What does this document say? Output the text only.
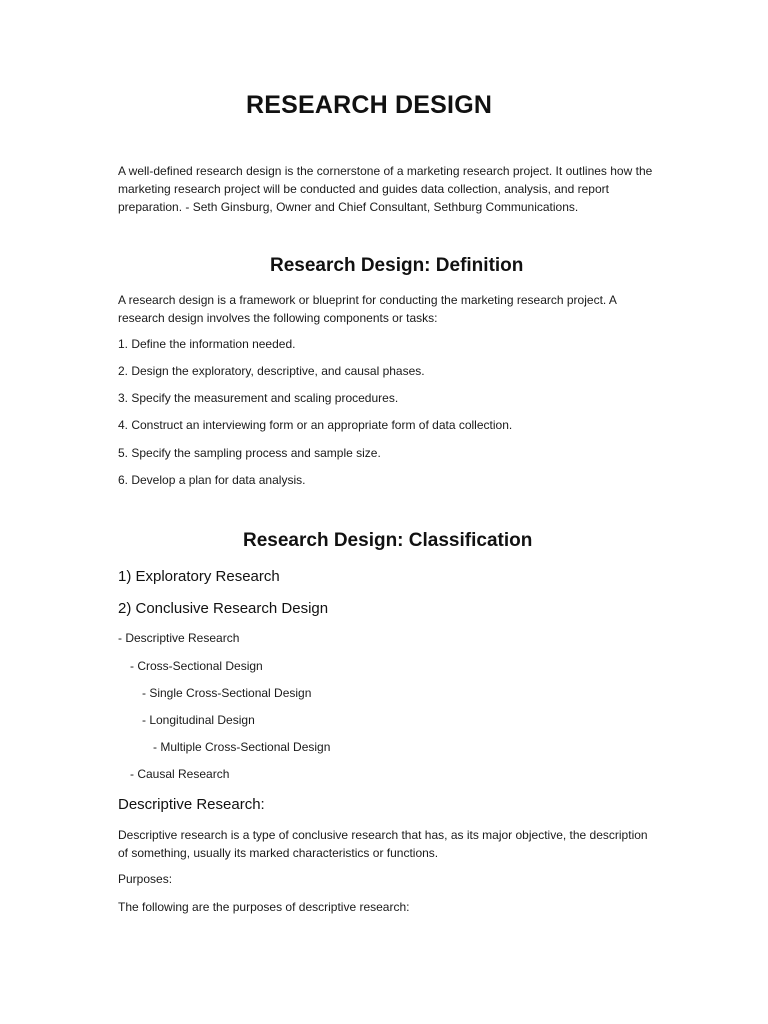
RESEARCH DESIGN

A well-defined research design is the cornerstone of a marketing research project. It outlines how the marketing research project will be conducted and guides data collection, analysis, and report preparation. - Seth Ginsburg, Owner and Chief Consultant, Sethburg Communications.

Research Design: Definition

A research design is a framework or blueprint for conducting the marketing research project. A research design involves the following components or tasks:

1. Define the information needed.
2. Design the exploratory, descriptive, and causal phases.
3. Specify the measurement and scaling procedures.
4. Construct an interviewing form or an appropriate form of data collection.
5. Specify the sampling process and sample size.
6. Develop a plan for data analysis.
Research Design: Classification
1) Exploratory Research
2) Conclusive Research Design
- Descriptive Research
- Cross-Sectional Design
- Single Cross-Sectional Design
- Longitudinal Design
- Multiple Cross-Sectional Design
- Causal Research
Descriptive Research:

Descriptive research is a type of conclusive research that has, as its major objective, the description of something, usually its marked characteristics or functions.

Purposes:
The following are the purposes of descriptive research:
